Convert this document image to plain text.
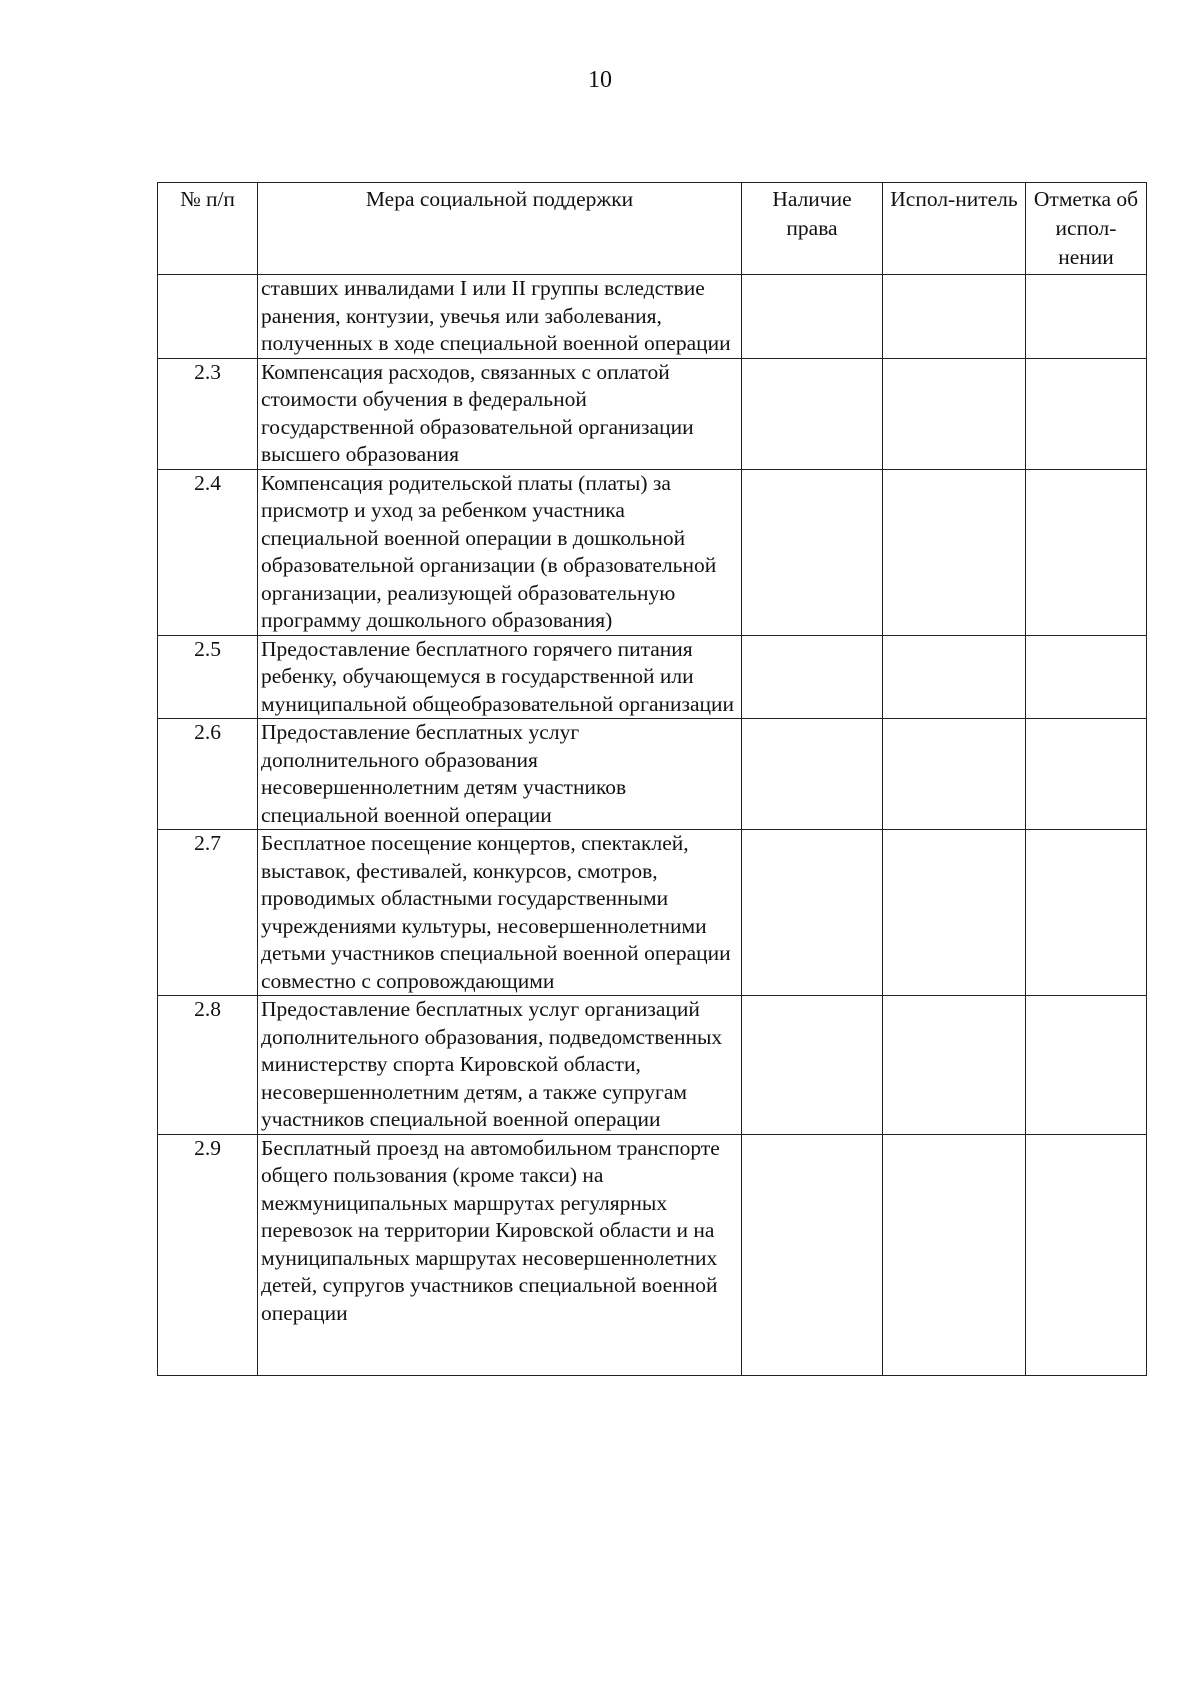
10
№ п/п	Мера социальной поддержки	Наличие права	Испол-нитель	Отметка об испол-нении
	ставших инвалидами I или II группы вследствие ранения, контузии, увечья или заболевания, полученных в ходе специальной военной операции			
2.3	Компенсация расходов, связанных с оплатой стоимости обучения в федеральной государственной образовательной организации высшего образования			
2.4	Компенсация родительской платы (платы) за присмотр и уход за ребенком участника специальной военной операции в дошкольной образовательной организации (в образовательной организации, реализующей образовательную программу дошкольного образования)			
2.5	Предоставление бесплатного горячего питания ребенку, обучающемуся в государственной или муниципальной общеобразовательной организации			
2.6	Предоставление бесплатных услуг дополнительного образования несовершеннолетним детям участников специальной военной операции			
2.7	Бесплатное посещение концертов, спектаклей, выставок, фестивалей, конкурсов, смотров, проводимых областными государственными учреждениями культуры, несовершеннолетними детьми участников специальной военной операции совместно с сопровождающими			
2.8	Предоставление бесплатных услуг организаций дополнительного образования, подведомственных министерству спорта Кировской области, несовершеннолетним детям, а также супругам участников специальной военной операции			
2.9	Бесплатный проезд на автомобильном транспорте общего пользования (кроме такси) на межмуниципальных маршрутах регулярных перевозок на территории Кировской области и на муниципальных маршрутах несовершеннолетних детей, супругов участников специальной военной операции			
